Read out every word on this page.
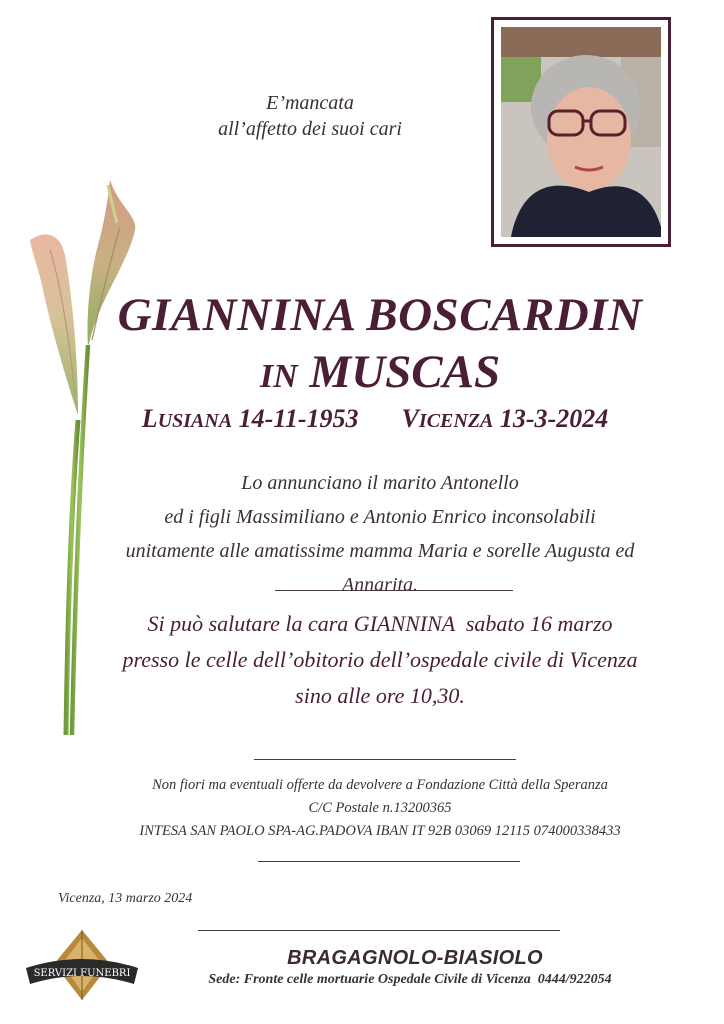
E’mancata
all’affetto dei suoi cari
GIANNINA BOSCARDIN
IN MUSCAS
LUSIANA 14-11-1953 VICENZA 13-3-2024
Lo annunciano il marito Antonello
ed i figli Massimiliano e Antonio Enrico inconsolabili
unitamente alle amatissime mamma Maria e sorelle Augusta ed Annarita.
Si può salutare la cara GIANNINA  sabato 16 marzo
presso le celle dell’obitorio dell’ospedale civile di Vicenza
sino alle ore 10,30.
Non fiori ma eventuali offerte da devolvere a Fondazione Città della Speranza
C/C Postale n.13200365
INTESA SAN PAOLO SPA-AG.PADOVA IBAN IT 92B 03069 12115 074000338433
Vicenza, 13 marzo 2024
SERVIZI FUNEBRI
BRAGAGNOLO-BIASIOLO
Sede: Fronte celle mortuarie Ospedale Civile di Vicenza  0444/922054
